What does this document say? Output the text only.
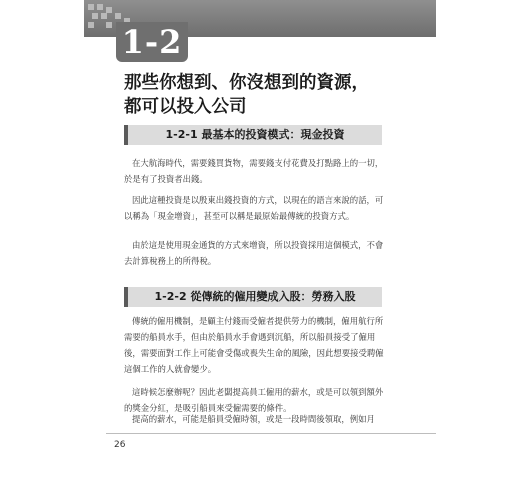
1-2
那些你想到、你沒想到的資源，
都可以投入公司
1-2-1 最基本的投資模式：現金投資

在大航海時代，需要錢買貨物，需要錢支付花費及打點路上的一切，於是有了投資者出錢。

因此這種投資是以殷東出錢投資的方式，以現在的語言來說的話，可以稱為「現金增資」，甚至可以稱是最原始最傳統的投資方式。

由於這是使用現金通貨的方式來增資，所以投資採用這個模式，不會去計算稅務上的所得稅。

1-2-2 從傳統的僱用變成入股：勞務入股

傳統的僱用機制，是顧主付錢而受僱者提供勞力的機制，僱用航行所需要的船員水手，但由於船員水手會遇到沉船，所以船員接受了僱用後，需要面對工作上可能會受傷或喪失生命的風險，因此想要接受聘僱這個工作的人就會變少。

這時候怎麼辦呢？因此老闆提高員工僱用的薪水，或是可以領到額外的獎金分紅，是吸引船員來受僱需要的條件。

提高的薪水，可能是船員受僱時領，或是一段時間後領取，例如月

26
